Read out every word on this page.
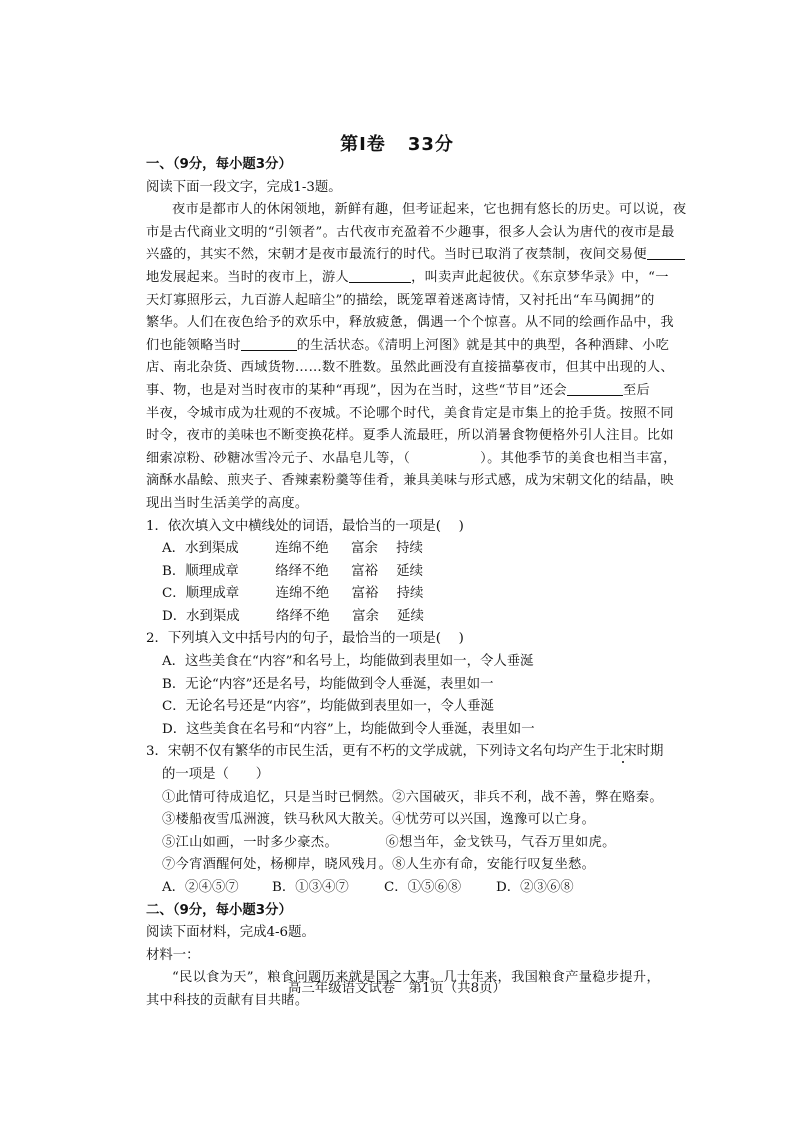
第I卷 33分
一、（9分，每小题3分）
阅读下面一段文字，完成1-3题。
夜市是都市人的休闲领地，新鲜有趣，但考证起来，它也拥有悠长的历史。可以说，夜
市是古代商业文明的“引领者”。古代夜市充盈着不少趣事，很多人会认为唐代的夜市是最
兴盛的，其实不然，宋朝才是夜市最流行的时代。当时已取消了夜禁制，夜间交易便
地发展起来。当时的夜市上，游人	，叫卖声此起彼伏。《东京梦华录》中，“一
天灯寡照彤云，九百游人起暗尘”的描绘，既笼罩着迷离诗情，又衬托出“车马阗拥”的
繁华。人们在夜色给予的欢乐中，释放疲惫，偶遇一个个惊喜。从不同的绘画作品中，我
们也能领略当时	的生活状态。《清明上河图》就是其中的典型，各种酒肆、小吃
店、南北杂货、西域货物……数不胜数。虽然此画没有直接描摹夜市，但其中出现的人、
事、物，也是对当时夜市的某种“再现”，因为在当时，这些“节目”还会	至后
半夜，令城市成为壮观的不夜城。不论哪个时代，美食肯定是市集上的抢手货。按照不同
时令，夜市的美味也不断变换花样。夏季人流最旺，所以消暑食物便格外引人注目。比如
细索凉粉、砂糖冰雪冷元子、水晶皂儿等，（	）。其他季节的美食也相当丰富，
滴酥水晶鲙、煎夹子、香辣素粉羹等佳肴，兼具美味与形式感，成为宋朝文化的结晶，映
现出当时生活美学的高度。
1．依次填入文中横线处的词语，最恰当的一项是(　 )
A．水到渠成	连绵不绝 富余 持续
B．顺理成章	络绎不绝 富裕 延续
C．顺理成章	连绵不绝 富裕 持续
D．水到渠成	络绎不绝 富余 延续
2．下列填入文中括号内的句子，最恰当的一项是(　 )
A．这些美食在“内容”和名号上，均能做到表里如一，令人垂涎
B．无论“内容”还是名号，均能做到令人垂涎，表里如一
C．无论名号还是“内容”，均能做到表里如一，令人垂涎
D．这些美食在名号和“内容”上，均能做到令人垂涎，表里如一
3．宋朝不仅有繁华的市民生活，更有不朽的文学成就，下列诗文名句均产生于北宋时期
的一项是（　　）
①此情可待成追忆，只是当时已惘然。②六国破灭，非兵不利，战不善，弊在赂秦。
③楼船夜雪瓜洲渡，铁马秋风大散关。④忧劳可以兴国，逸豫可以亡身。
⑤江山如画，一时多少豪杰。　　　　⑥想当年，金戈铁马，气吞万里如虎。
⑦今宵酒醒何处，杨柳岸，晓风残月。⑧人生亦有命，安能行叹复坐愁。
A．②④⑤⑦ B．①③④⑦	C．①⑤⑥⑧	D．②③⑥⑧
二、（9分，每小题3分）
阅读下面材料，完成4-6题。
材料一：
“民以食为天”，粮食问题历来就是国之大事。几十年来，我国粮食产量稳步提升，
其中科技的贡献有目共睹。
高三年级语文试卷　第1页（共8页）
